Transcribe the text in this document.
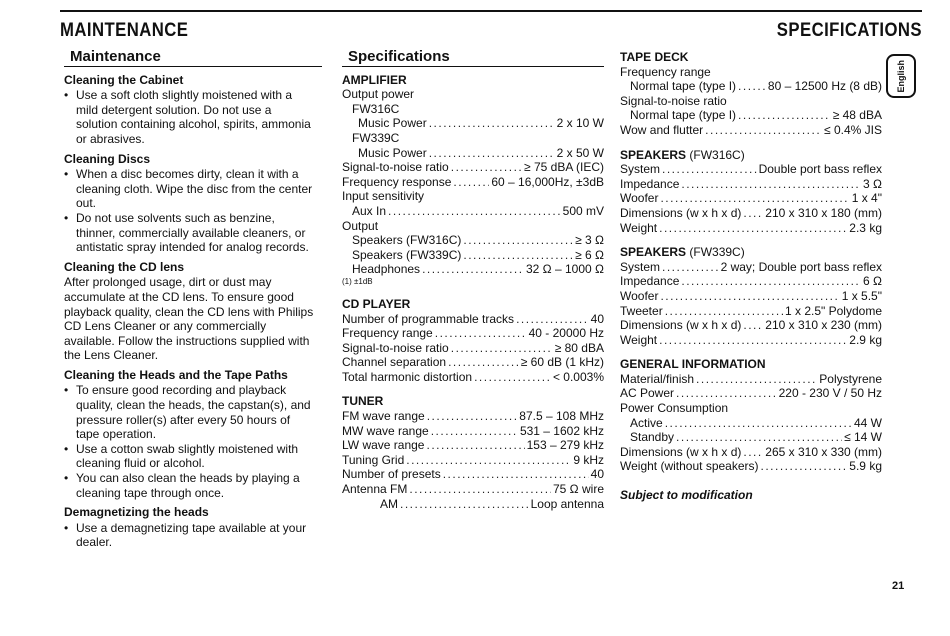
MAINTENANCE	SPECIFICATIONS
English
Maintenance
Cleaning the Cabinet
• Use a soft cloth slightly moistened with a mild detergent solution. Do not use a solution containing alcohol, spirits, ammonia or abrasives.
Cleaning Discs
• When a disc becomes dirty, clean it with a cleaning cloth. Wipe the disc from the center out.
• Do not use solvents such as benzine, thinner, commercially available cleaners, or antistatic spray intended for analog records.
Cleaning the CD lens
After prolonged usage, dirt or dust may accumulate at the CD lens. To ensure good playback quality, clean the CD lens with Philips CD Lens Cleaner or any commercially available. Follow the instructions supplied with the Lens Cleaner.
Cleaning the Heads and the Tape Paths
• To ensure good recording and playback quality, clean the heads, the capstan(s), and pressure roller(s) after every 50 hours of tape operation.
• Use a cotton swab slightly moistened with cleaning fluid or alcohol.
• You can also clean the heads by playing a cleaning tape through once.
Demagnetizing the heads
• Use a demagnetizing tape available at your dealer.
Specifications
AMPLIFIER
Output power
FW316C
Music Power .....	2 x 10 W
FW339C
Music Power .....	2 x 50 W
Signal-to-noise ratio .....	≥ 75 dBA (IEC)
Frequency response .....	60 – 16,000Hz, ±3dB
Input sensitivity
Aux In .....	500 mV
Output
Speakers (FW316C) .....	≥ 3 Ω
Speakers (FW339C) .....	≥ 6 Ω
Headphones .....	32 Ω – 1000 Ω
(1) ±1dB
CD PLAYER
Number of programmable tracks .....	40
Frequency range .....	40 - 20000 Hz
Signal-to-noise ratio .....	≥ 80 dBA
Channel separation .....	≥ 60 dB (1 kHz)
Total harmonic distortion .....	< 0.003%
TUNER
FM wave range .....	87.5 – 108 MHz
MW wave range .....	531 – 1602 kHz
LW wave range .....	153 – 279 kHz
Tuning Grid .....	9 kHz
Number of presets .....	40
Antenna FM .....	75 Ω wire
AM .....	Loop antenna
TAPE DECK
Frequency range
Normal tape (type I) .....	80 – 12500 Hz (8 dB)
Signal-to-noise ratio
Normal tape (type I) .....	≥ 48 dBA
Wow and flutter .....	≤ 0.4% JIS
SPEAKERS (FW316C)
System .....	Double port bass reflex
Impedance .....	3 Ω
Woofer .....	1 x 4"
Dimensions (w x h x d) ..... 210 x 310 x 180 (mm)
Weight .....	2.3 kg
SPEAKERS (FW339C)
System .....	2 way; Double port bass reflex
Impedance .....	6 Ω
Woofer .....	1 x 5.5"
Tweeter .....	1 x 2.5" Polydome
Dimensions (w x h x d) ..... 210 x 310 x 230 (mm)
Weight .....	2.9 kg
GENERAL INFORMATION
Material/finish .....	Polystyrene
AC Power .....	220 - 230 V / 50 Hz
Power Consumption
Active .....	44 W
Standby .....	≤ 14 W
Dimensions (w x h x d) ..... 265 x 310 x 330 (mm)
Weight (without speakers) .....	5.9 kg
Subject to modification
21
